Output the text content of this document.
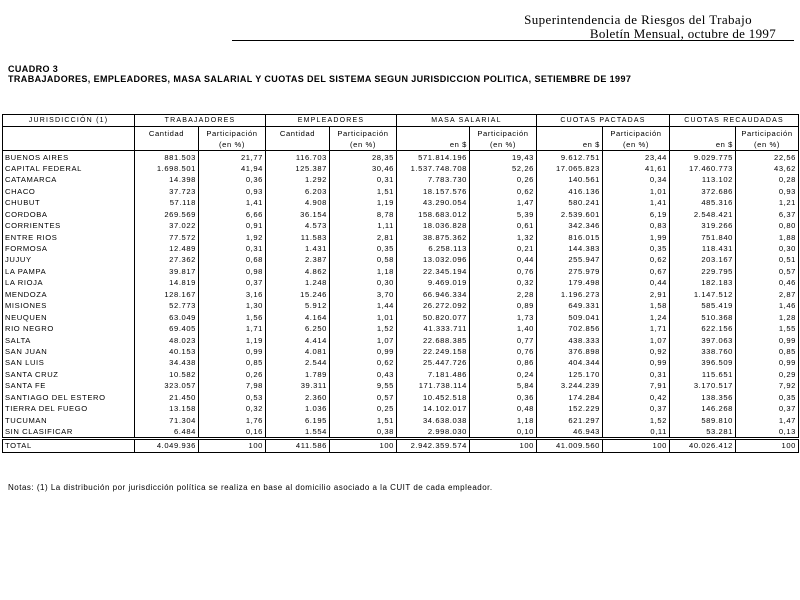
Superintendencia de Riesgos del Trabajo
Boletín Mensual, octubre de 1997
CUADRO 3
TRABAJADORES, EMPLEADORES, MASA SALARIAL Y CUOTAS DEL SISTEMA SEGUN JURISDICCION POLITICA, SETIEMBRE DE 1997
JURISDICCIÓN (1)	TRABAJADORES		EMPLEADORES		MASA SALARIAL		CUOTAS PACTADAS		CUOTAS RECAUDADAS	
	Cantidad	Participación	Cantidad	Participación		Participación		Participación		Participación
		(en %)		(en %)	en $	(en %)	en $	(en %)	en $	(en %)
BUENOS AIRES	881.503	21,77	116.703	28,35	571.814.196	19,43	9.612.751	23,44	9.029.775	22,56
CAPITAL FEDERAL	1.698.501	41,94	125.387	30,46	1.537.748.708	52,26	17.065.823	41,61	17.460.773	43,62
CATAMARCA	14.398	0,36	1.292	0,31	7.783.730	0,26	140.561	0,34	113.102	0,28
CHACO	37.723	0,93	6.203	1,51	18.157.576	0,62	416.136	1,01	372.686	0,93
CHUBUT	57.118	1,41	4.908	1,19	43.290.054	1,47	580.241	1,41	485.316	1,21
CORDOBA	269.569	6,66	36.154	8,78	158.683.012	5,39	2.539.601	6,19	2.548.421	6,37
CORRIENTES	37.022	0,91	4.573	1,11	18.036.828	0,61	342.346	0,83	319.266	0,80
ENTRE RIOS	77.572	1,92	11.583	2,81	38.875.362	1,32	816.015	1,99	751.840	1,88
FORMOSA	12.489	0,31	1.431	0,35	6.258.113	0,21	144.383	0,35	118.431	0,30
JUJUY	27.362	0,68	2.387	0,58	13.032.096	0,44	255.947	0,62	203.167	0,51
LA PAMPA	39.817	0,98	4.862	1,18	22.345.194	0,76	275.979	0,67	229.795	0,57
LA RIOJA	14.819	0,37	1.248	0,30	9.469.019	0,32	179.498	0,44	182.183	0,46
MENDOZA	128.167	3,16	15.246	3,70	66.946.334	2,28	1.196.273	2,91	1.147.512	2,87
MISIONES	52.773	1,30	5.912	1,44	26.272.092	0,89	649.331	1,58	585.419	1,46
NEUQUEN	63.049	1,56	4.164	1,01	50.820.077	1,73	509.041	1,24	510.368	1,28
RIO NEGRO	69.405	1,71	6.250	1,52	41.333.711	1,40	702.856	1,71	622.156	1,55
SALTA	48.023	1,19	4.414	1,07	22.688.385	0,77	438.333	1,07	397.063	0,99
SAN JUAN	40.153	0,99	4.081	0,99	22.249.158	0,76	376.898	0,92	338.760	0,85
SAN LUIS	34.438	0,85	2.544	0,62	25.447.726	0,86	404.344	0,99	396.509	0,99
SANTA CRUZ	10.582	0,26	1.789	0,43	7.181.486	0,24	125.170	0,31	115.651	0,29
SANTA FE	323.057	7,98	39.311	9,55	171.738.114	5,84	3.244.239	7,91	3.170.517	7,92
SANTIAGO DEL ESTERO	21.450	0,53	2.360	0,57	10.452.518	0,36	174.284	0,42	138.356	0,35
TIERRA DEL FUEGO	13.158	0,32	1.036	0,25	14.102.017	0,48	152.229	0,37	146.268	0,37
TUCUMAN	71.304	1,76	6.195	1,51	34.638.038	1,18	621.297	1,52	589.810	1,47
SIN CLASIFICAR	6.484	0,16	1.554	0,38	2.998.030	0,10	46.943	0,11	53.281	0,13

TOTAL	4.049.936	100	411.586	100	2.942.359.574	100	41.009.560	100	40.026.412	100
Notas: (1) La distribución por jurisdicción política se realiza en base al domicilio asociado a la CUIT de cada empleador.
